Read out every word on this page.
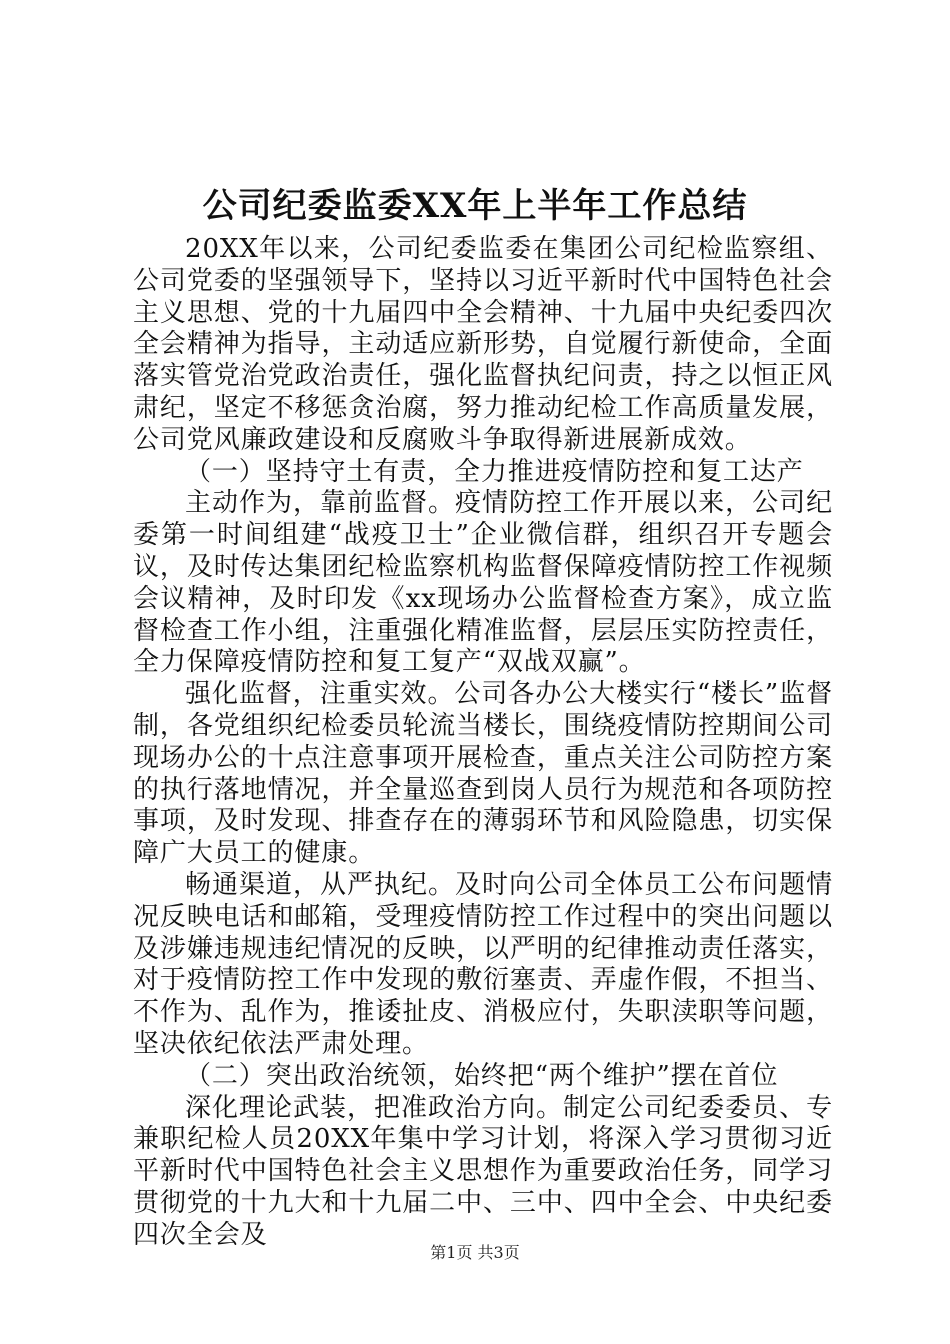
公司纪委监委XX年上半年工作总结

20XX年以来，公司纪委监委在集团公司纪检监察组、公司党委的坚强领导下，坚持以习近平新时代中国特色社会主义思想、党的十九届四中全会精神、十九届中央纪委四次全会精神为指导，主动适应新形势，自觉履行新使命，全面落实管党治党政治责任，强化监督执纪问责，持之以恒正风肃纪，坚定不移惩贪治腐，努力推动纪检工作高质量发展，公司党风廉政建设和反腐败斗争取得新进展新成效。

（一）坚持守土有责，全力推进疫情防控和复工达产

主动作为，靠前监督。疫情防控工作开展以来，公司纪委第一时间组建“战疫卫士”企业微信群，组织召开专题会议，及时传达集团纪检监察机构监督保障疫情防控工作视频会议精神，及时印发《xx现场办公监督检查方案》，成立监督检查工作小组，注重强化精准监督，层层压实防控责任，全力保障疫情防控和复工复产“双战双赢”。

强化监督，注重实效。公司各办公大楼实行“楼长”监督制，各党组织纪检委员轮流当楼长，围绕疫情防控期间公司现场办公的十点注意事项开展检查，重点关注公司防控方案的执行落地情况，并全量巡查到岗人员行为规范和各项防控事项，及时发现、排查存在的薄弱环节和风险隐患，切实保障广大员工的健康。

畅通渠道，从严执纪。及时向公司全体员工公布问题情况反映电话和邮箱，受理疫情防控工作过程中的突出问题以及涉嫌违规违纪情况的反映，以严明的纪律推动责任落实，对于疫情防控工作中发现的敷衍塞责、弄虚作假，不担当、不作为、乱作为，推诿扯皮、消极应付，失职渎职等问题，坚决依纪依法严肃处理。

（二）突出政治统领，始终把“两个维护”摆在首位

深化理论武装，把准政治方向。制定公司纪委委员、专兼职纪检人员20XX年集中学习计划，将深入学习贯彻习近平新时代中国特色社会主义思想作为重要政治任务，同学习贯彻党的十九大和十九届二中、三中、四中全会、中央纪委四次全会及

第1页 共3页
